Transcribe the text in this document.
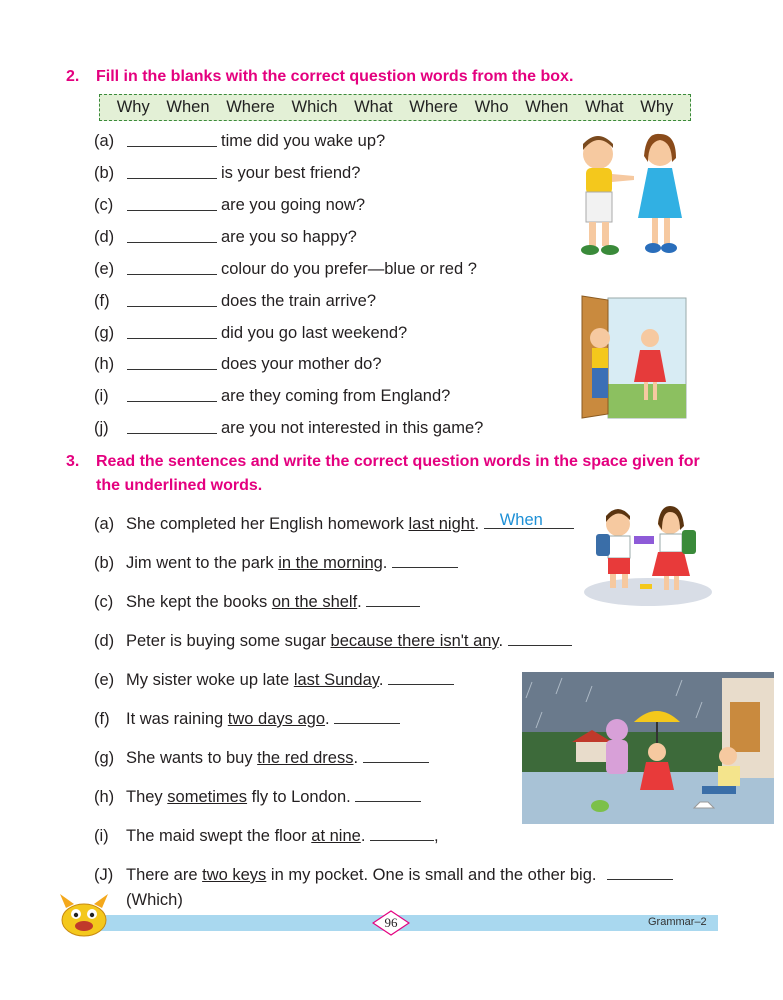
2. Fill in the blanks with the correct question words from the box.
Why When Where Which What Where Who When What Why
(a)	time did you wake up?
(b)	is your best friend?
(c)	are you going now?
(d)	are you so happy?
(e)	colour do you prefer—blue or red ?
(f)	does the train arrive?
(g)	did you go last weekend?
(h)	does your mother do?
(i)	are they coming from England?
(j)	are you not interested in this game?
3. Read the sentences and write the correct question words in the space given for
the underlined words.
(a) She completed her English homework last night. When
(b) Jim went to the park in the morning.
(c) She kept the books on the shelf.
(d) Peter is buying some sugar because there isn't any.
(e) My sister woke up late last Sunday.
(f) It was raining two days ago.
(g) She wants to buy the red dress.
(h) They sometimes fly to London.
(i) The maid swept the floor at nine.	,
(J) There are two keys in my pocket. One is small and the other big.
(Which)
96	Grammar–2
